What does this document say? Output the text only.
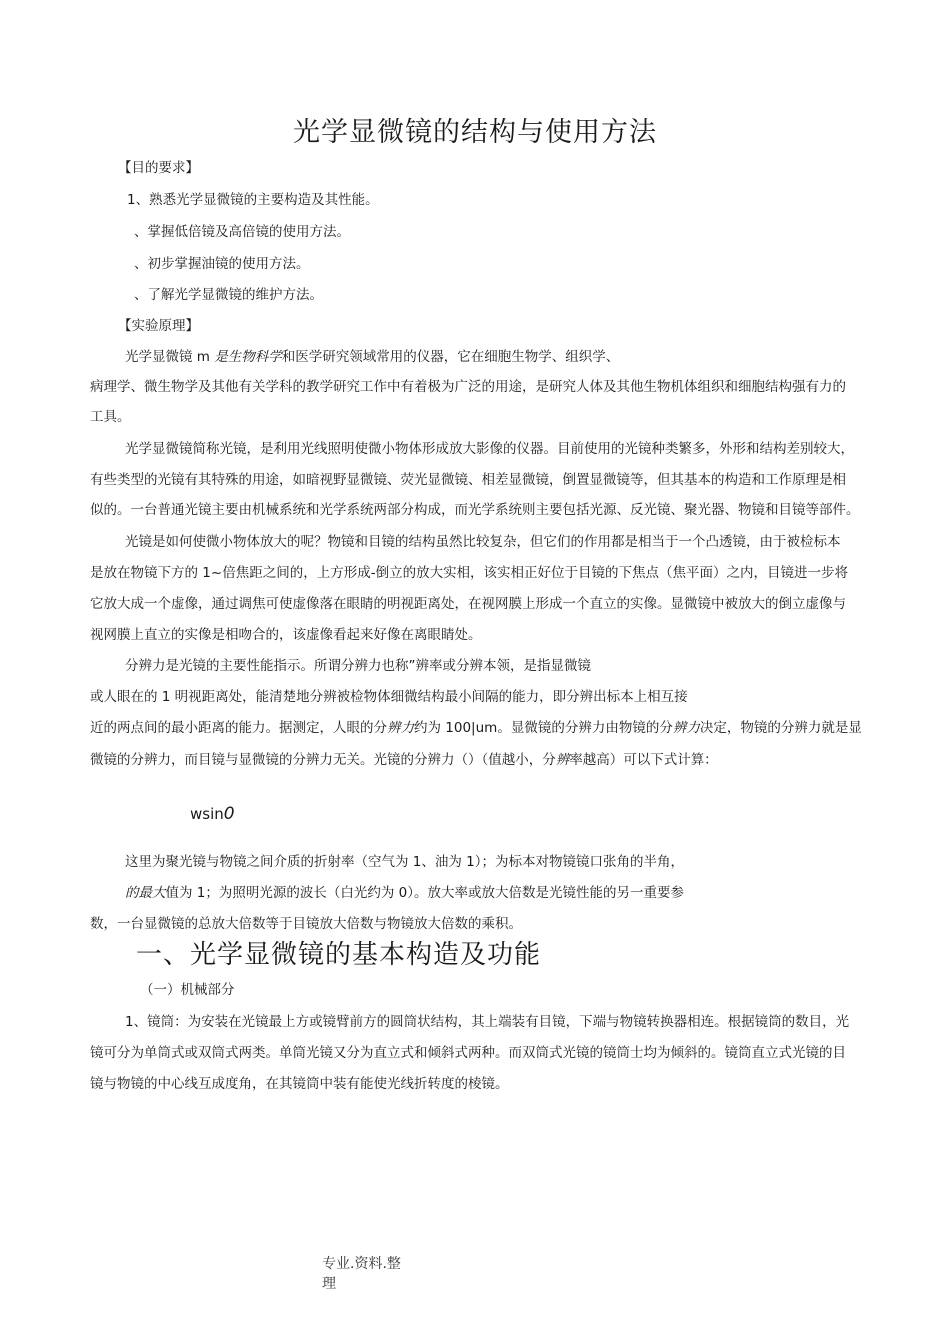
光学显微镜的结构与使用方法
【目的要求】
1、熟悉光学显微镜的主要构造及其性能。
、掌握低倍镜及高倍镜的使用方法。
、初步掌握油镜的使用方法。
、了解光学显微镜的维护方法。
【实验原理】
光学显微镜 m 是生物科学和医学研究领域常用的仪器，它在细胞生物学、组织学、
病理学、微生物学及其他有关学科的教学研究工作中有着极为广泛的用途，是研究人体及其他生物机体组织和细胞结构强有力的
工具。
光学显微镜简称光镜，是利用光线照明使微小物体形成放大影像的仪器。目前使用的光镜种类繁多，外形和结构差别较大，
有些类型的光镜有其特殊的用途，如暗视野显微镜、荧光显微镜、相差显微镜，倒置显微镜等，但其基本的构造和工作原理是相
似的。一台普通光镜主要由机械系统和光学系统两部分构成，而光学系统则主要包括光源、反光镜、聚光器、物镜和目镜等部件。
光镜是如何使微小物体放大的呢？物镜和目镜的结构虽然比较复杂，但它们的作用都是相当于一个凸透镜，由于被检标本
是放在物镜下方的 1~倍焦距之间的，上方形成-倒立的放大实相，该实相正好位于目镜的下焦点（焦平面）之内，目镜进一步将
它放大成一个虚像，通过调焦可使虚像落在眼睛的明视距离处，在视网膜上形成一个直立的实像。显微镜中被放大的倒立虚像与
视网膜上直立的实像是相吻合的，该虚像看起来好像在离眼睛处。
分辨力是光镜的主要性能指示。所谓分辨力也称”辨率或分辨本领，是指显微镜
或人眼在的 1 明视距离处，能清楚地分辨被检物体细微结构最小间隔的能力，即分辨出标本上相互接
近的两点间的最小距离的能力。据测定，人眼的分辨力约为 100|um。显微镜的分辨力由物镜的分辨力决定，物镜的分辨力就是显
微镜的分辨力，而目镜与显微镜的分辨力无关。光镜的分辨力（）（值越小，分辨率越高）可以下式计算：
wsin0
这里为聚光镜与物镜之间介质的折射率（空气为 1、油为 1）；为标本对物镜镜口张角的半角，
的最大值为 1；为照明光源的波长（白光约为 0）。放大率或放大倍数是光镜性能的另一重要参
数，一台显微镜的总放大倍数等于目镜放大倍数与物镜放大倍数的乘积。
一、光学显微镜的基本构造及功能
（一）机械部分
1、镜筒：为安装在光镜最上方或镜臂前方的圆筒状结构，其上端装有目镜，下端与物镜转换器相连。根据镜筒的数目，光
镜可分为单筒式或双筒式两类。单筒光镜又分为直立式和倾斜式两种。而双筒式光镜的镜筒士均为倾斜的。镜筒直立式光镜的目
镜与物镜的中心线互成度角，在其镜筒中装有能使光线折转度的棱镜。
专业.资料.整
理
